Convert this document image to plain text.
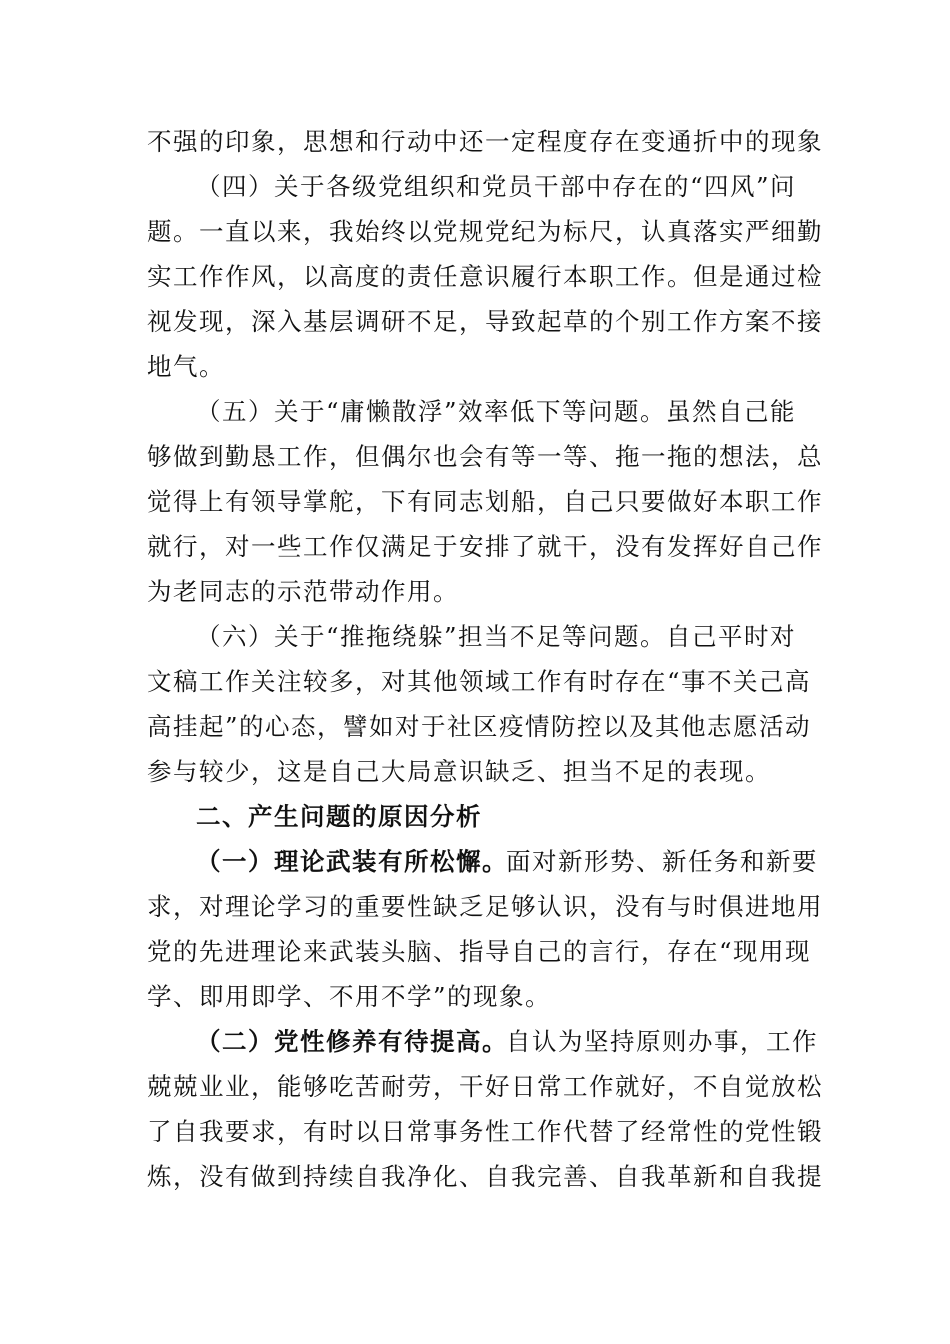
不强的印象，思想和行动中还一定程度存在变通折中的现象
（四）关于各级党组织和党员干部中存在的“四风”问
题。一直以来，我始终以党规党纪为标尺，认真落实严细勤
实工作作风，以高度的责任意识履行本职工作。但是通过检
视发现，深入基层调研不足，导致起草的个别工作方案不接
地气。
（五）关于“庸懒散浮”效率低下等问题。虽然自己能
够做到勤恳工作，但偶尔也会有等一等、拖一拖的想法，总
觉得上有领导掌舵，下有同志划船，自己只要做好本职工作
就行，对一些工作仅满足于安排了就干，没有发挥好自己作
为老同志的示范带动作用。
（六）关于“推拖绕躲”担当不足等问题。自己平时对
文稿工作关注较多，对其他领域工作有时存在“事不关己高
高挂起”的心态，譬如对于社区疫情防控以及其他志愿活动
参与较少，这是自己大局意识缺乏、担当不足的表现。
二、产生问题的原因分析
（一）理论武装有所松懈。
面对新形势、新任务和新要
求，对理论学习的重要性缺乏足够认识，没有与时俱进地用
党的先进理论来武装头脑、指导自己的言行，存在“现用现
学、即用即学、不用不学”的现象。
（二）党性修养有待提高。
自认为坚持原则办事，工作
兢兢业业，能够吃苦耐劳，干好日常工作就好，不自觉放松
了自我要求，有时以日常事务性工作代替了经常性的党性锻
炼，没有做到持续自我净化、自我完善、自我革新和自我提
